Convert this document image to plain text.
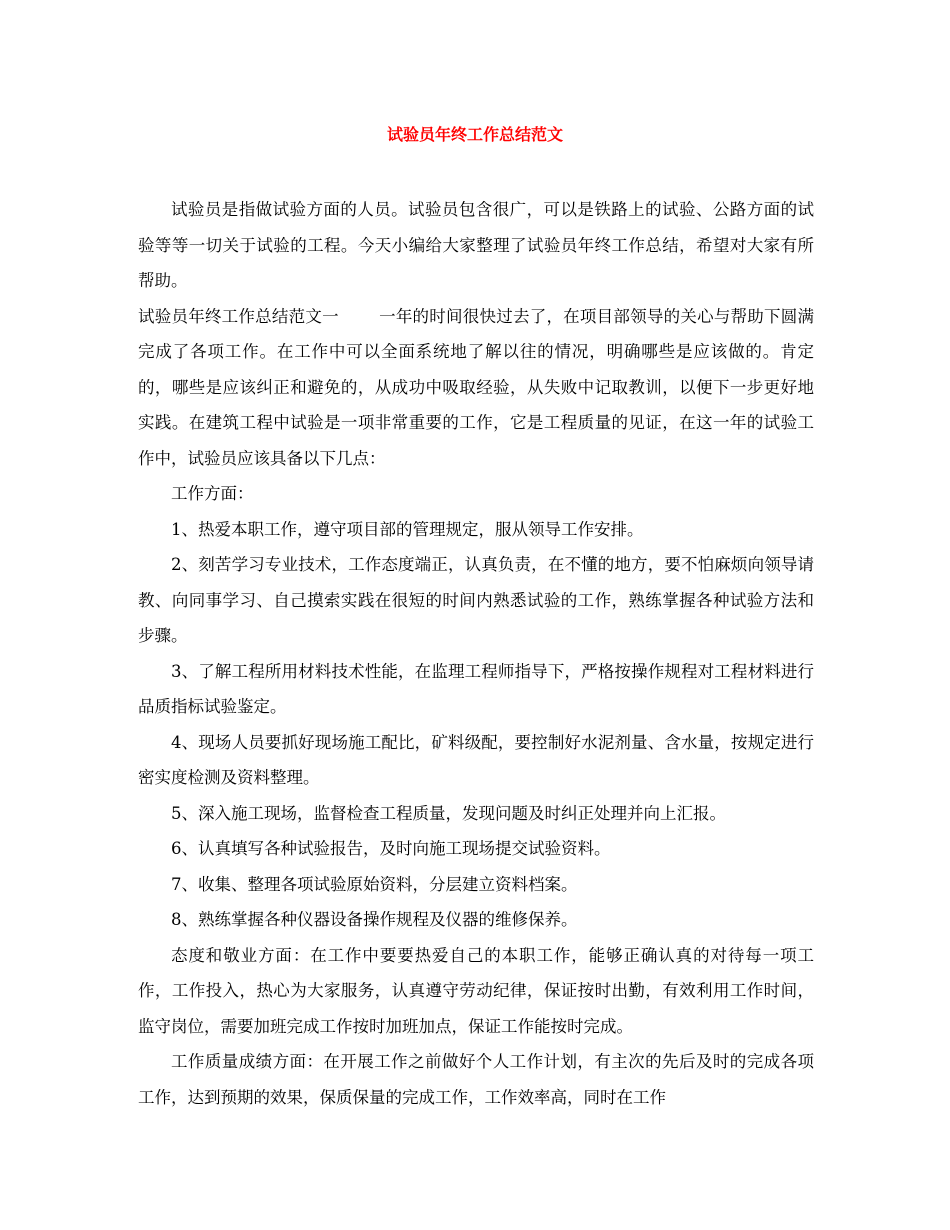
试验员年终工作总结范文

试验员是指做试验方面的人员。试验员包含很广，可以是铁路上的试验、公路方面的试验等等一切关于试验的工程。今天小编给大家整理了试验员年终工作总结，希望对大家有所帮助。

试验员年终工作总结范文一 一年的时间很快过去了，在项目部领导的关心与帮助下圆满完成了各项工作。在工作中可以全面系统地了解以往的情况，明确哪些是应该做的。肯定的，哪些是应该纠正和避免的，从成功中吸取经验，从失败中记取教训，以便下一步更好地实践。在建筑工程中试验是一项非常重要的工作，它是工程质量的见证，在这一年的试验工作中，试验员应该具备以下几点：

工作方面：

1、热爱本职工作，遵守项目部的管理规定，服从领导工作安排。

2、刻苦学习专业技术，工作态度端正，认真负责，在不懂的地方，要不怕麻烦向领导请教、向同事学习、自己摸索实践在很短的时间内熟悉试验的工作，熟练掌握各种试验方法和步骤。

3、了解工程所用材料技术性能，在监理工程师指导下，严格按操作规程对工程材料进行品质指标试验鉴定。

4、现场人员要抓好现场施工配比，矿料级配，要控制好水泥剂量、含水量，按规定进行密实度检测及资料整理。

5、深入施工现场，监督检查工程质量，发现问题及时纠正处理并向上汇报。

6、认真填写各种试验报告，及时向施工现场提交试验资料。

7、收集、整理各项试验原始资料，分层建立资料档案。

8、熟练掌握各种仪器设备操作规程及仪器的维修保养。

态度和敬业方面：在工作中要要热爱自己的本职工作，能够正确认真的对待每一项工作，工作投入，热心为大家服务，认真遵守劳动纪律，保证按时出勤，有效利用工作时间，监守岗位，需要加班完成工作按时加班加点，保证工作能按时完成。

工作质量成绩方面：在开展工作之前做好个人工作计划，有主次的先后及时的完成各项工作，达到预期的效果，保质保量的完成工作，工作效率高，同时在工作
